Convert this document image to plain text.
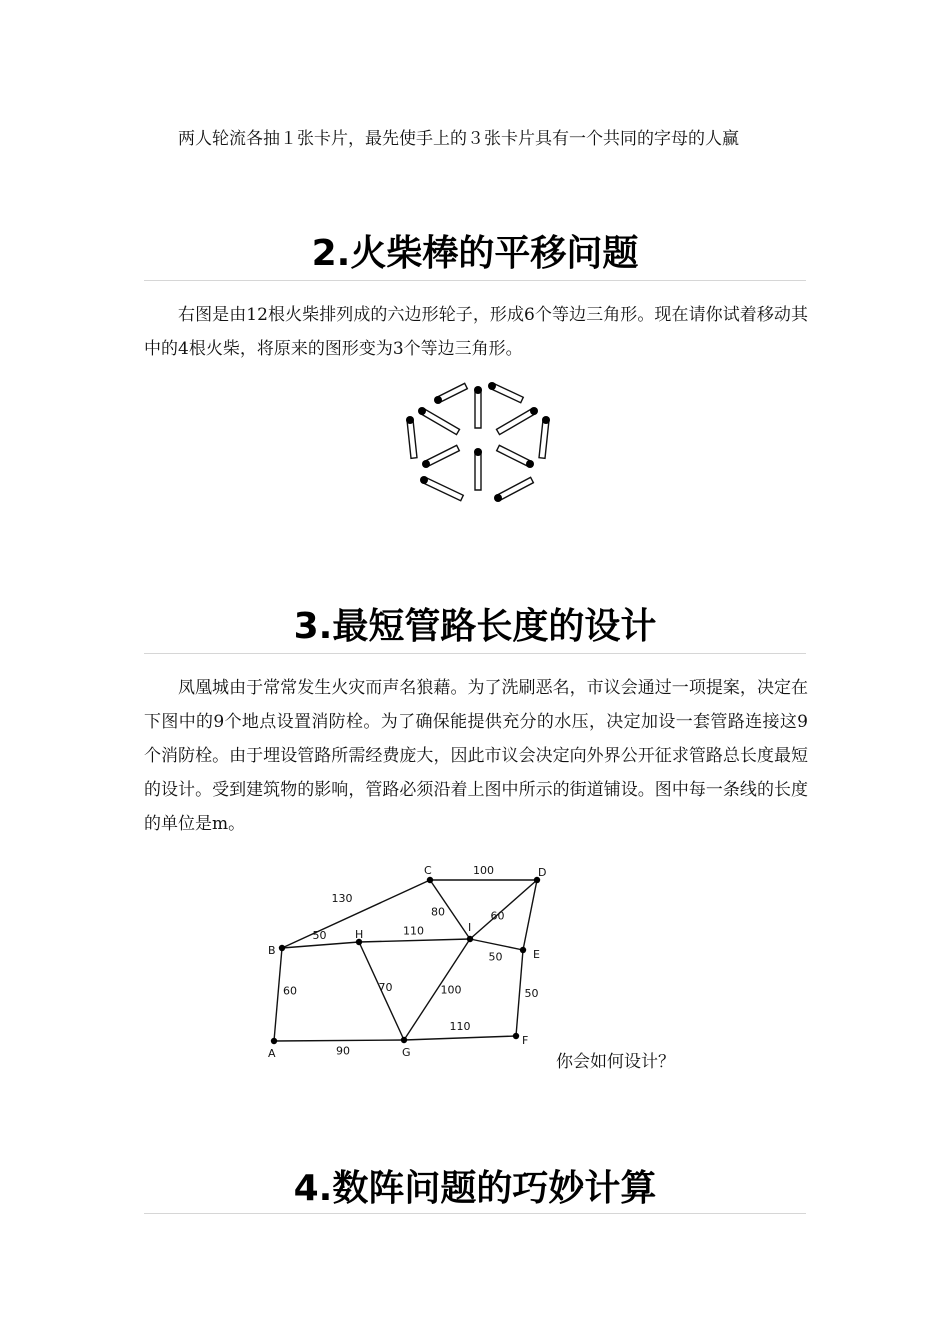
两人轮流各抽１张卡片，最先使手上的３张卡片具有一个共同的字母的人赢

2.火柴棒的平移问题

右图是由12根火柴排列成的六边形轮子，形成6个等边三角形。现在请你试着移动其中的4根火柴，将原来的图形变为3个等边三角形。

3.最短管路长度的设计

凤凰城由于常常发生火灾而声名狼藉。为了洗刷恶名，市议会通过一项提案，决定在下图中的9个地点设置消防栓。为了确保能提供充分的水压，决定加设一套管路连接这9个消防栓。由于埋设管路所需经费庞大，因此市议会决定向外界公开征求管路总长度最短的设计。受到建筑物的影响，管路必须沿着上图中所示的街道铺设。图中每一条线的长度的单位是m。

100
130
80	60
50	110
50
60	70	100	50
90
110
A
B
C	D
E
F
G
H
I
你会如何设计？
4.数阵问题的巧妙计算
